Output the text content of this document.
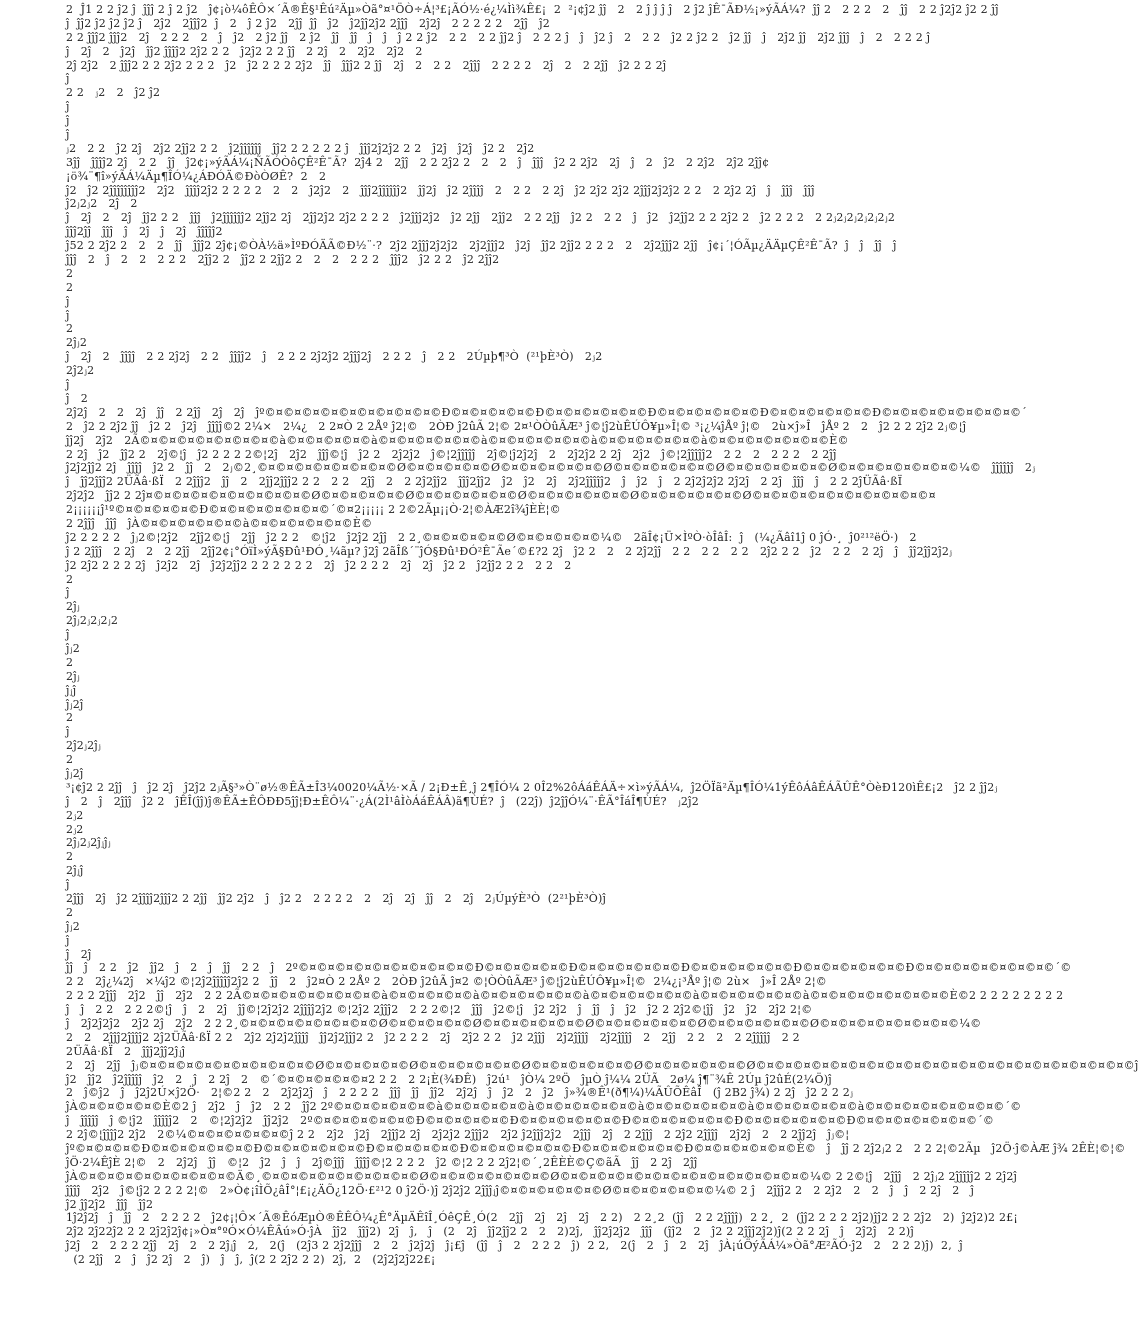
2  Ĵ1 2 2 ĵ2 ĵ  ĵĵĵ 2 ĵ 2 ĵ2   ĵ¢¡ò¼ôÊÔ×´Ã®Ê§¹Êú²Äµ»Òã°¤¹ÖÒ÷Á¦³£¡ÃÓ½·é¿¼Ìì¾Ê£¡  2  ²¡¢ĵ2 ĵĵ   2   2 ĵ ĵ ĵ ĵ   2 ĵ2 ĵÊ¯ÃÐ½¡»ýÃÁ¼?  ĵĵ 2   2 2 2   2   ĵĵ   2 2 ĵ2ĵ2 ĵ2 2 ĵĵ
ĵ  ĵĵ2 ĵ2 ĵ2 ĵ2 ĵ   2ĵ2   2ĵĵĵ2  ĵ   2   ĵ 2 ĵ2   2ĵĵ  ĵĵ   ĵ2   ĵ2ĵĵ2ĵ2 2ĵĵĵ   2ĵ2ĵ   2 2 2 2 2   2ĵĵ   ĵ2
2 2 ĵĵĵ2 ĵĵĵ2   2ĵ   2 2 2   2   ĵ   ĵ2   2 ĵ2 ĵĵ   2 ĵ2   ĵĵ   ĵĵ   ĵ   ĵ   ĵ 2 2 ĵ2   2 2   2 2 ĵĵ2 ĵ   2 2 2 ĵ   ĵ   ĵ2 ĵ   2   2 2   ĵ2 2 ĵ2 2   ĵ2 ĵĵ   ĵ   2ĵ2 ĵĵ   2ĵ2 ĵĵĵ   ĵ   2   2 2 2 ĵ
ĵ   2ĵ   2   ĵ2ĵ   ĵĵ2 ĵĵĵĵ2 2ĵ2 2 2   ĵ2ĵ2 2 2 ĵĵ   2 2ĵ   2   2ĵ2   2ĵ2   2
2ĵ 2ĵ2   2 ĵĵĵ2 2 2 2ĵ2 2 2 2   ĵ2   ĵ2 2 2 2 2ĵ2   ĵĵ   ĵĵĵ2 2 ĵĵ   2ĵ   2   2 2   2ĵĵĵ   2 2 2 2   2ĵ   2   2 2ĵĵ   ĵ2 2 2 2ĵ
ĵ
2 2   ⱼ2   2   ĵ2 ĵ2
ĵ
ĵ
ĵ
ⱼ2   2 2   ĵ2 2ĵ   2ĵ2 2ĵĵ2 2 2   ĵ2ĵĵĵĵĵĵ   ĵĵ2 2 2 2 2 2 ĵ   ĵĵĵ2ĵ2ĵ2 2 2   ĵ2ĵ   ĵ2ĵ   ĵ2 2   2ĵ2
3ĵĵ   ĵĵĵĵ2 2ĵ   2 2   ĵĵ   ĵ2¢¡»ýÃÁ¼¡ÑÃÓÒôÇÊ²Ê¯Ã?  2ĵ4 2   2ĵĵ   2 2 2ĵ2 2   2   2   ĵ   ĵĵĵ   ĵ2 2 2ĵ2   2ĵ   ĵ   2   ĵ2   2 2ĵ2   2ĵ2 2ĵĵ¢
¡ö¾¨¶î»ýÃÁ¼Äµ¶ÎÓ¼¿ÁÐÓÄ©ÐòÒØÊ?  2   2
ĵ2   ĵ2 2ĵĵĵĵĵĵĵĵ2   2ĵ2   ĵĵĵĵ2ĵ2 2 2 2 2   2   2   ĵ2ĵ2   2   ĵĵĵ2ĵĵĵĵĵĵ2   ĵĵ2ĵ   ĵ2 2ĵĵĵĵ   2   2 2   2 2ĵ   ĵ2 2ĵ2 2ĵ2 2ĵĵĵ2ĵ2ĵ2 2 2   2 2ĵ2 2ĵ   ĵ   ĵĵĵ   ĵĵĵ
ĵ2ⱼ2ⱼ2   2ĵ   2
ĵ   2ĵ   2   2ĵ   ĵĵ2 2 2   ĵĵĵ   ĵ2ĵĵĵĵĵĵ2 2ĵĵ2 2ĵ   2ĵĵ2ĵ2 2ĵ2 2 2 2   ĵ2ĵĵĵ2ĵ2   ĵ2 2ĵĵ   2ĵĵ2   2 2 2ĵĵ   ĵ2 2   2 2   ĵ   ĵ2   ĵ2ĵĵ2 2 2 2ĵ2 2   ĵ2 2 2 2   2 2ⱼ2ⱼ2ⱼ2ⱼ2ⱼ2ⱼ2
ĵĵĵ2ĵĵ   ĵĵĵ   ĵ   2ĵ   ĵ   2ĵ   ĵĵĵĵĵ2
ĵ52 2 2ĵ2 2   2   2   ĵĵ   ĵĵĵ2 2ĵ¢¡©ÒÀ½ä»ÌºÐÓÄÃ©Ð½¨·?  2ĵ2 2ĵĵĵ2ĵ2ĵ2   2ĵ2ĵĵĵ2   ĵ2ĵ   ĵĵ2 2ĵĵ2 2 2 2   2   2ĵ2ĵĵĵ2 2ĵĵ   ĵ¢¡´¦ÓÃµ¿ÄÄµÇÊ²Ê¯Ã?  ĵ   ĵ   ĵĵ   ĵ
ĵĵĵ   2   ĵ   2   2   2 2 2   2ĵĵ2 2   ĵĵ2 2 2ĵĵ2 2   2   2   2 2 2   ĵĵĵ2   ĵ2 2 2   ĵ2 2ĵĵ2
2
2
ĵ
ĵ
2
2ĵⱼ2
ĵ   2ĵ   2   ĵĵĵĵ   2 2 2ĵ2ĵ   2 2   ĵĵĵĵ2   ĵ   2 2 2 2ĵ2ĵ2 2ĵĵĵ2ĵ   2 2 2   ĵ   2 2   2Úµþ¶³Ò  (²¹þÈ³Ò)   2ⱼ2
2ĵ2ⱼ2
ĵ
ĵ   2
2ĵ2ĵ   2   2   2ĵ   ĵĵ   2 2ĵĵ   2ĵ   2ĵ   ĵº©¤©¤©¤©¤©¤©¤©¤©¤©¤©Ð©¤©¤©¤©¤©Ð©¤©¤©¤©¤©¤©Ð©¤©¤©¤©¤©¤©Ð©¤©¤©¤©¤©¤©Ð©¤©¤©¤©¤©¤©¤©¤©´
2   ĵ2 2 2ĵ2 ĵĵ   ĵ2 2   ĵ2ĵ   ĵĵĵĵ©2 2¼×   2¼¿   2 2¤Ò 2 2Åº ĵ2¦©   2ÒÐ ĵ2ûÃ 2¦© 2¤¹ÒÒûÃÆ³ ĵ©¦ĵ2ùÊÚÔ¥µ»Î¦© ³¡¿¼ĵÅº ĵ¦©   2ù×ĵ»Î   ĵÅº 2   2   ĵ2 2 2 2ĵ2 2ⱼ©¦ĵ
ĵĵ2ĵ   2ĵ2   2Ã©¤©¤©¤©¤©¤©¤©¤©à©¤©¤©¤©¤©à©¤©¤©¤©¤©¤©à©¤©¤©¤©¤©¤©à©¤©¤©¤©¤©¤©à©¤©¤©¤©¤©¤©¤©È©
2 2ĵ   ĵ2   ĵĵ2 2   2ĵ©¦ĵ   ĵ2 2 2 2 2©¦2ĵ   2ĵ2   ĵĵĵ©¦ĵ   ĵ2 2   2ĵ2ĵ2   ĵ©¦2ĵĵĵĵĵ   2ĵ©¦ĵ2ĵ2ĵ   2   2ĵ2ĵ2 2 2ĵ   2ĵ2   ĵ©¦2ĵĵĵĵĵ2   2 2   2   2 2 2   2 2ĵĵ
ĵ2ĵ2ĵĵ2 2ĵ   ĵĵĵĵ   ĵ2 2   ĵĵ   2   2ⱼ©2¸©¤©¤©¤©¤©¤©¤©¤©Ø©¤©¤©¤©¤©Ø©¤©¤©¤©¤©¤©Ø©¤©¤©¤©¤©¤©Ø©¤©¤©¤©¤©¤©Ø©¤©¤©¤©¤©¤©¤©¼©   ĵĵĵĵĵĵ   2ⱼ
ĵ   ĵĵ2ĵĵĵ2 2ÜÃâ·ßÏ   2 2ĵĵĵ2   ĵĵ   2   2ĵĵ2ĵĵĵ2 2 2   2 2   2ĵĵ   2   2 2ĵ2ĵĵ2   ĵĵĵ2ĵĵ2   ĵ2   ĵ2   2ĵ   2ĵ2ĵĵĵĵĵ2   ĵ   ĵ2   ĵ   2 2ĵ2ĵ2ĵ2 2ĵ2ĵ   2 2ĵ   ĵĵĵ   ĵ   2 2 2ĵÜÃâ·ßÏ
2ĵ2ĵ2   ĵĵ2 2 2ĵ¤©¤©¤©¤©¤©¤©¤©¤©¤©Ø©¤©¤©¤©¤©Ø©¤©¤©¤©¤©¤©Ø©¤©¤©¤©¤©¤©Ø©¤©¤©¤©¤©¤©Ø©¤©¤©¤©¤©¤©¤©¤©¤©¤©¤
2¡¡¡¡¡¡ĵ¹º©¤©¤©¤©¤©Ð©¤©¤©¤©¤©¤©¤©´©¤2¡¡¡¡¡ 2 2©2Ãµ¡¡Ò·2¦©ÀÆ2î¾ĵÈÈ¦©
2 2ĵĵĵ   ĵĵĵ   ĵÀ©¤©¤©¤©¤©¤©à©¤©¤©¤©¤©¤©È©
ĵ2 2 2 2 2   ĵⱼ2©¦2ĵ2   2ĵĵ2©¦ĵ   2ĵĵ   ĵ2 2 2   ©¦ĵ2   ĵ2ĵ2 2ĵĵ   2 2¸©¤©¤©¤©¤©Ø©¤©¤©¤©¤©¼©   2ãÎ¢¡Ü×ÌºÒ·òÎâÎ:  ĵ   (¼¿Ãâî1ĵ 0 ĵÓ·¸  ĵ0²¹²ëÖ·)   2
ĵ 2 2ĵĵĵ   2 2ĵ   2   2 2ĵĵ   2ĵĵ2¢¡°ÓïÌ»ýÃ§Ðû¹ÐÓ¸¼ãµ? ĵ2ĵ 2ãÎß´¨ĵÓ§Ðû¹ÐÓ²Ê¯Ãe´©£?2 2ĵ   ĵ2 2   2   2 2ĵ2ĵĵ   2 2   2 2   2 2   2ĵ2 2 2   ĵ2   2 2   2 2ĵ   ĵ   ĵĵ2ĵĵ2ĵ2ⱼ
ĵ2 2ĵ2 2 2 2 2ĵ   ĵ2ĵ2   2ĵ   ĵ2ĵ2ĵĵ2 2 2 2 2 2 2   2ĵ   ĵ2 2 2 2   2ĵ   2ĵ   ĵ2 2   ĵ2ĵĵ2 2 2   2 2   2
2
ĵ
2ĵⱼ
2ĵⱼ2ⱼ2ⱼ2ⱼ2
ĵ
ĵⱼ2
2
2ĵⱼ
ĵⱼĵ
ĵⱼ2ĵ
2
ĵ
2ĵ2ⱼ2ĵⱼ
2
ĵⱼ2ĵ
³¡¢ĵ2 2 2ĵĵ   ĵ   ĵ2 2ĵ   ĵ2ĵ2 2ⱼÃ§³»Ò¨ø½®ÊÃ±Î3¼0020¼Ã½·×Ã / 2¡Ð±Ê¸ĵ 2¶ÎÓ¼ 2 0Î2%2ôÁáÊÁÄ÷×ì»ýÃÁ¼,  ĵ2ÖÏã²Äµ¶ÎÓ¼1ýÊôÁâÊÁÃÛÊ°ÒèÐ120ìÊ£¡2   ĵ2 2 ĵĵ2ⱼ
ĵ   2   ĵ   2ĵĵĵ   ĵ2 2   ĵÊÎ(ĵĵ)ĵ®ÊÃ±ÊÔÐÐ5ĵĵ¦Ð±ÊÔ¼¨·¿Á(2Ì¹âÌòÁáÊÁÂ)ã¶ÙÉ?  ĵ   (22ĵ)  ĵ2ĵĵÓ¼¨·ÊÃ°ÎáÎ¶ÙÉ?   ⱼ2ĵ2
2ⱼ2
2ⱼ2
2ĵⱼ2ⱼ2ĵⱼĵⱼ
2
2ĵⱼĵ
ĵ
2ĵĵĵ   2ĵ   ĵ2 2ĵĵĵĵ2ĵĵĵ2 2 2ĵĵ   ĵĵ2 2ĵ2   ĵ   ĵ2 2   2 2 2 2   2   2ĵ   2ĵ   ĵĵ   2   2ĵ   2ⱼÚµýÈ³Ò  (2²¹þÈ³Ò)ĵ
2
ĵⱼ2
ĵ
ĵ   2ĵ
ĵĵ   ĵ   2 2   ĵ2   ĵĵ2   ĵ   2   ĵ   ĵĵ   2 2   ĵ   2º©¤©¤©¤©¤©¤©¤©¤©¤©¤©Ð©¤©¤©¤©¤©Ð©¤©¤©¤©¤©¤©Ð©¤©¤©¤©¤©¤©Ð©¤©¤©¤©¤©¤©Ð©¤©¤©¤©¤©¤©¤©¤©´©
2 2   2ĵ¿¼2ĵ   ×¼ĵ2 ©¦2ĵ2ĵĵĵĵĵ2ĵ2 2   ĵĵ   2   ĵ2¤Ò 2 2Åº 2   2ÒÐ ĵ2ûÃ ĵ¤2 ©¦ÒÒûÃÆ³ ĵ©¦ĵ2ùÊÚÔ¥µ»Î¦©  2¼¿¡³Åº ĵ¦© 2ù×   ĵ»Î 2Åº 2¦©
2 2 2 2ĵĵĵ   2ĵ2   ĵĵ   2ĵ2   2 2 2Ã©¤©¤©¤©¤©¤©¤©¤©à©¤©¤©¤©¤©à©¤©¤©¤©¤©¤©à©¤©¤©¤©¤©¤©à©¤©¤©¤©¤©¤©à©¤©¤©¤©¤©¤©¤©¤©È©2 2 2 2 2 2 2 2 2
ĵ   ĵ   2 2   2 2 2©¦ĵ   ĵ   2   2ĵ   ĵĵ©¦2ĵ2ĵ2 2ĵĵĵĵ2ĵ2 ©¦2ĵ2 2ĵĵĵ2   2 2 2©¦2   ĵĵĵ   ĵ2©¦ĵ   ĵ2 2ĵ2   ĵ   ĵĵ   ĵ   ĵ2   ĵ2 2 2ĵ2©¦ĵĵ   ĵ2   ĵ2   2ĵ2 2¦©
ĵ   2ĵ2ĵ2ĵ2   2ĵ2 2ĵ   2ĵ2   2 2 2¸©¤©¤©¤©¤©¤©¤©¤©Ø©¤©¤©¤©¤©Ø©¤©¤©¤©¤©¤©Ø©¤©¤©¤©¤©¤©Ø©¤©¤©¤©¤©¤©Ø©¤©¤©¤©¤©¤©¤©¤©¼©
2   2   2ĵĵĵ2ĵĵĵĵ2 2ĵ2ÜÃâ·ßÏ 2 2   2ĵ2 2ĵ2ĵ2ĵĵĵĵ   ĵĵ2ĵ2ĵĵĵ2 2   ĵ2 2 2 2   2ĵ   2ĵ2 2 2   ĵ2 2ĵĵĵ   2ĵ2ĵĵĵĵ   2ĵ2ĵĵĵĵ   2   2ĵĵ   2 2   2   2 2ĵĵĵĵĵ   2 2
2ÜÃâ·ßÏ   2   ĵĵĵ2ĵĵ2ĵⱼĵ
2   2ĵ   2ĵĵ   ĵⱼ©¤©¤©¤©¤©¤©¤©¤©¤©¤©Ø©¤©¤©¤©¤©Ø©¤©¤©¤©¤©¤©Ø©¤©¤©¤©¤©¤©Ø©¤©¤©¤©¤©¤©Ø©¤©¤©¤©¤©¤©¤©¤©¤©¤©¤©¤©¤©¤©¤©¤©¤©¤©¤©¤©¤©ĵ
ĵ2   ĵĵ2   ĵ2ĵĵĵĵĵ   ĵ2   2   ĵ   2 2ĵ   2   ©´©¤©¤©¤©¤©¤2 2 2   2 2¡È(¾ÐÊ)   ĵ2ú¹   ĵÒ¼ 2ºÖ   ĵµÒ ĵ¼¼ 2ÜÃ   2ø¼ ĵ¶¨¾Ê 2Úµ ĵ2ûÉ(2¼Ö)ĵ
2   ĵ©ĵ2   ĵ   ĵ2ĵ2Ú×ĵ2Ö·   2¦©2 2   2   2ĵ2ĵ2ĵ   ĵ   2 2 2 2   ĵĵĵ   ĵĵ   ĵĵ2   2ĵ2ĵ   ĵ   ĵ2   2   ĵ2   ĵ»¾®Ê¹(ð¶¼)¼ÃÛÕÊâÎ   (ĵ 2B2 ĵ¾) 2 2ĵ   ĵ2 2 2 2ⱼ
ĵÀ©¤©¤©¤©¤©È©2 ĵ   2ĵ2   ĵ   ĵ2   2 2   ĵĵ2 2º©¤©¤©¤©¤©¤©à©¤©¤©¤©¤©à©¤©¤©¤©¤©¤©à©¤©¤©¤©¤©¤©à©¤©¤©¤©¤©¤©à©¤©¤©¤©¤©¤©¤©¤©´©
ĵ   ĵĵĵĵĵ   ĵ ©¦ĵ2   ĵĵĵĵĵ2   2   ©¦2ĵ2ĵ2   ĵĵ2ĵ2   2º©¤©¤©¤©¤©¤©Ð©¤©¤©¤©¤©Ð©¤©¤©¤©¤©¤©Ð©¤©¤©¤©¤©¤©Ð©¤©¤©¤©¤©¤©Ð©¤©¤©¤©¤©¤©¤©´©
2 2ĵ©¦ĵĵĵĵ2 2ĵ2   2©¼©¤©¤©¤©¤©¤©ĵ 2 2   2ĵ2   ĵ2ĵ   2ĵĵĵ2 2ĵ   2ĵ2ĵ2 2ĵĵĵ2   2ĵ2 ĵ2ĵĵĵ2ĵ2   2ĵĵĵ   2ĵ   2 2ĵĵĵ   2 2ĵ2 2ĵĵĵĵ   2ĵ2ĵ   2   2 2ĵĵ2ĵ   ĵⱼ©¦
ĵº©¤©¤©¤©Ð©¤©¤©¤©¤©¤©Ð©¤©¤©¤©¤©¤©Ð©¤©¤©¤©¤©Ð©¤©¤©¤©¤©¤©Ð©¤©¤©¤©¤©¤©Ð©¤©¤©¤©¤©¤©È©   ĵ   ĵĵ 2 2ĵ2ⱼ2 2   2 2 2¦©2Ãµ   ĵ2Ö·ĵ©ÀÆ ĵ¾ 2ÊÈ¦©¦©
ĵÖ·2¼ÊĵÈ 2¦©   2   2ĵ2ĵ   ĵĵ   ©¦2   ĵ2   ĵ   ĵ   2ĵ©ĵĵĵ   ĵĵĵĵ©¦2 2 2 2   ĵ2 ©¦2 2 2 2ĵ2¦©´¸2ÊÈÈ©Ç©ãÃ   ĵĵ   2 2ĵ   2ĵĵ
ĵÀ©¤©¤©¤©¤©¤©¤©¤©¤©Ä©¸©¤©¤©¤©¤©¤©¤©¤©¤©Ø©¤©¤©¤©¤©¤©¤©Ø©¤©¤©¤©¤©¤©¤©¤©¤©¤©¤©¤©¤©¤©¼© 2 2©¦ĵ   2ĵĵĵ   2 2ĵⱼ2 2ĵĵĵĵĵ2 2 2ĵ2ĵ
ĵĵĵĵ   2ĵ2   ĵ©¦ĵ2 2 2 2 2¦©   2»Ò¢¡îÌÕ¿âÎ°¦£¡¿ÄÕ¿12Ö·£²¹2 0 ĵ2Ö·)ĵ 2ĵ2ĵ2 2ĵĵĵⱼĵ©¤©¤©¤©¤©¤©Ø©¤©¤©¤©¤©¤©¼© 2 ĵ   2ĵĵĵ2 2   2 2ĵ2   2   2   ĵ   ĵ   2 2ĵ   2   ĵ
ĵ2 ĵĵ2ĵ2   ĵĵĵ   ĵĵ2
1ĵ2ĵ2ĵ   ĵ   ĵĵ   2   2 2 2 2   ĵ2¢¡¦Ô×´Ã®ÊóÆµÒ®ÊÊÔ¼¿Ê°ÄµÄÊîÎ¸ÓêÇÊ¸Ó(2   2ĵĵ   2ĵ   2ĵ   2ĵ   2 2)   2 2¸2  (ĵĵ   2 2 2ĵĵĵĵ)  2 2¸  2  (ĵĵ2 2 2 2 2ĵ2)ĵĵ2 2 2 2ĵ2   2)  ĵ2ĵ2)2 2£¡
2ĵ2 2ĵ22ĵ2 2 2 2ĵ2ĵ2ĵ¢¡»Ò¤°ºÓ×Ó¼ÊÂú»Ó·ĵÀ   ĵĵ2   ĵĵĵ2)  2ĵ   ĵ,   ĵ   (2   2ĵ   ĵĵ2ĵĵ2 2   2   2)2ĵ,   ĵĵ2ĵ2ĵ2   ĵĵĵ   (ĵĵ2   2   ĵ2 2 2ĵĵĵ2ĵ2)ĵ(2 2 2 2ĵ   ĵ   2ĵ2ĵ   2 2)ĵ
ĵ2ĵ   2   2 2 2 2ĵĵ   2ĵ   2   2 2ĵⱼĵ   2,   2(ĵ   (2ĵ3 2 2ĵ2ĵĵĵ   2   2   ĵ2ĵ2ĵ   ĵ¡£ĵ   (ĵĵ   ĵ   2   2 2 2   ĵ)  2 2,   2(ĵ   2   ĵ   2   2ĵ   ĵÀ¡úÖýÃÁ¼»Òã°Æ²ÃÓ·ĵ2   2   2 2 2)ĵ)  2,  ĵ
(2 2ĵĵ   2   ĵ   ĵ2 2ĵ   2   ĵ)   ĵ   ĵ,  ĵ(2 2 2ĵ2 2 2)  2ĵ,  2   (2ĵ2ĵ2ĵ22£¡
